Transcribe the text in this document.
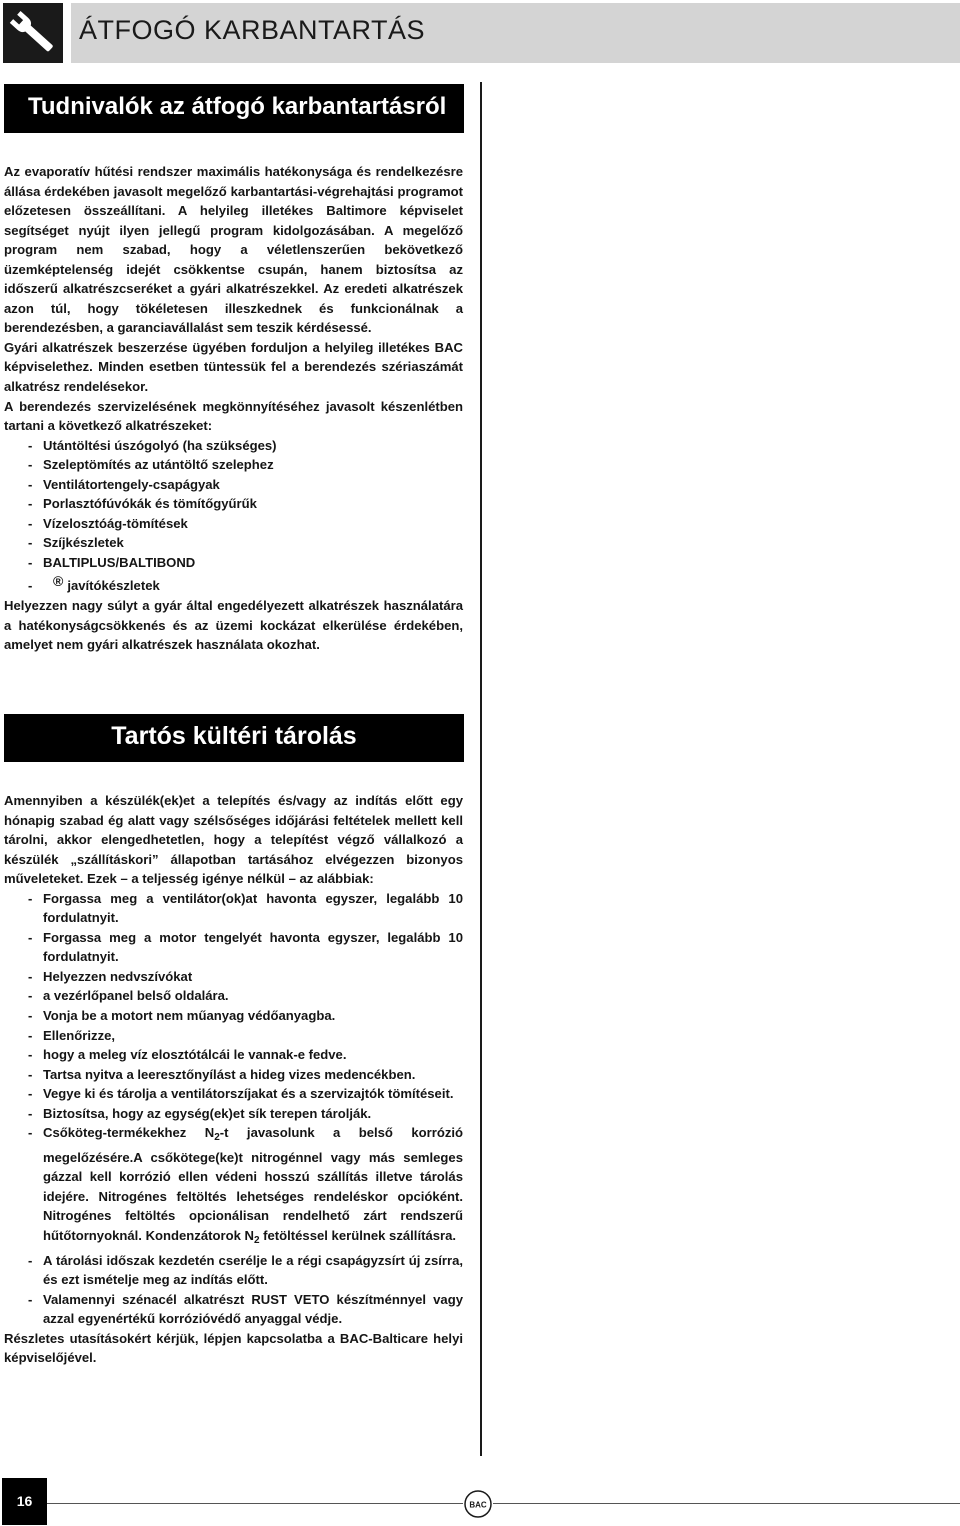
ÁTFOGÓ KARBANTARTÁS
Tudnivalók az átfogó karbantartásról

Az evaporatív hűtési rendszer maximális hatékonysága és rendelkezésre állása érdekében javasolt megelőző karbantartási-végrehajtási programot előzetesen összeállítani. A helyileg illetékes Baltimore képviselet segítséget nyújt ilyen jellegű program kidolgozásában. A megelőző program nem szabad, hogy a véletlenszerűen bekövetkező üzemképtelenség idejét csökkentse csupán, hanem biztosítsa az időszerű alkatrészcseréket a gyári alkatrészekkel. Az eredeti alkatrészek azon túl, hogy tökéletesen illeszkednek és funkcionálnak a berendezésben, a garanciavállalást sem teszik kérdésessé.

Gyári alkatrészek beszerzése ügyében forduljon a helyileg illetékes BAC képviselethez. Minden esetben tüntessük fel a berendezés szériaszámát alkatrész rendelésekor.

A berendezés szervizelésének megkönnyítéséhez javasolt készenlétben tartani a következő alkatrészeket:

- Utántöltési úszógolyó (ha szükséges)
- Szeleptömítés az utántöltő szelephez
- Ventilátortengely-csapágyak
- Porlasztófúvókák és tömítőgyűrűk
- Vízelosztóág-tömítések
- Szíjkészletek
- BALTIPLUS/BALTIBOND
- ® javítókészletek

Helyezzen nagy súlyt a gyár által engedélyezett alkatrészek használatára a hatékonyságcsökkenés és az üzemi kockázat elkerülése érdekében, amelyet nem gyári alkatrészek használata okozhat.

Tartós kültéri tárolás

Amennyiben a készülék(ek)et a telepítés és/vagy az indítás előtt egy hónapig szabad ég alatt vagy szélsőséges időjárási feltételek mellett kell tárolni, akkor elengedhetetlen, hogy a telepítést végző vállalkozó a készülék „szállításkori” állapotban tartásához elvégezzen bizonyos műveleteket. Ezek – a teljesség igénye nélkül – az alábbiak:

- Forgassa meg a ventilátor(ok)at havonta egyszer, legalább 10 fordulatnyit.
- Forgassa meg a motor tengelyét havonta egyszer, legalább 10 fordulatnyit.
- Helyezzen nedvszívókat
- a vezérlőpanel belső oldalára.
- Vonja be a motort nem műanyag védőanyagba.
- Ellenőrizze,
- hogy a meleg víz elosztótálcái le vannak-e fedve.
- Tartsa nyitva a leeresztőnyílást a hideg vizes medencékben.
- Vegye ki és tárolja a ventilátorszíjakat és a szervizajtók tömítéseit.
- Biztosítsa, hogy az egység(ek)et sík terepen tárolják.
- Csőköteg-termékekhez $N_2-t$ javasolunk a belső korrózió megelőzésére.A csőkötege(ke)t nitrogénnel vagy más semleges gázzal kell korrózió ellen védeni hosszú szállítás illetve tárolás idejére. Nitrogénes feltöltés lehetséges rendeléskor opcióként. Nitrogénes feltöltés opcionálisan rendelhető zárt rendszerű hűtőtornyoknál. Kondenzátorok $N_2$ fetöltéssel kerülnek szállításra.
- A tárolási időszak kezdetén cserélje le a régi csapágyzsírt új zsírra, és ezt ismételje meg az indítás előtt.
- Valamennyi szénacél alkatrészt RUST VETO készítménnyel vagy azzal egyenértékű korrózióvédő anyaggal védje.

Részletes utasításokért kérjük, lépjen kapcsolatba a BAC-Balticare helyi képviselőjével.

16	BAC
